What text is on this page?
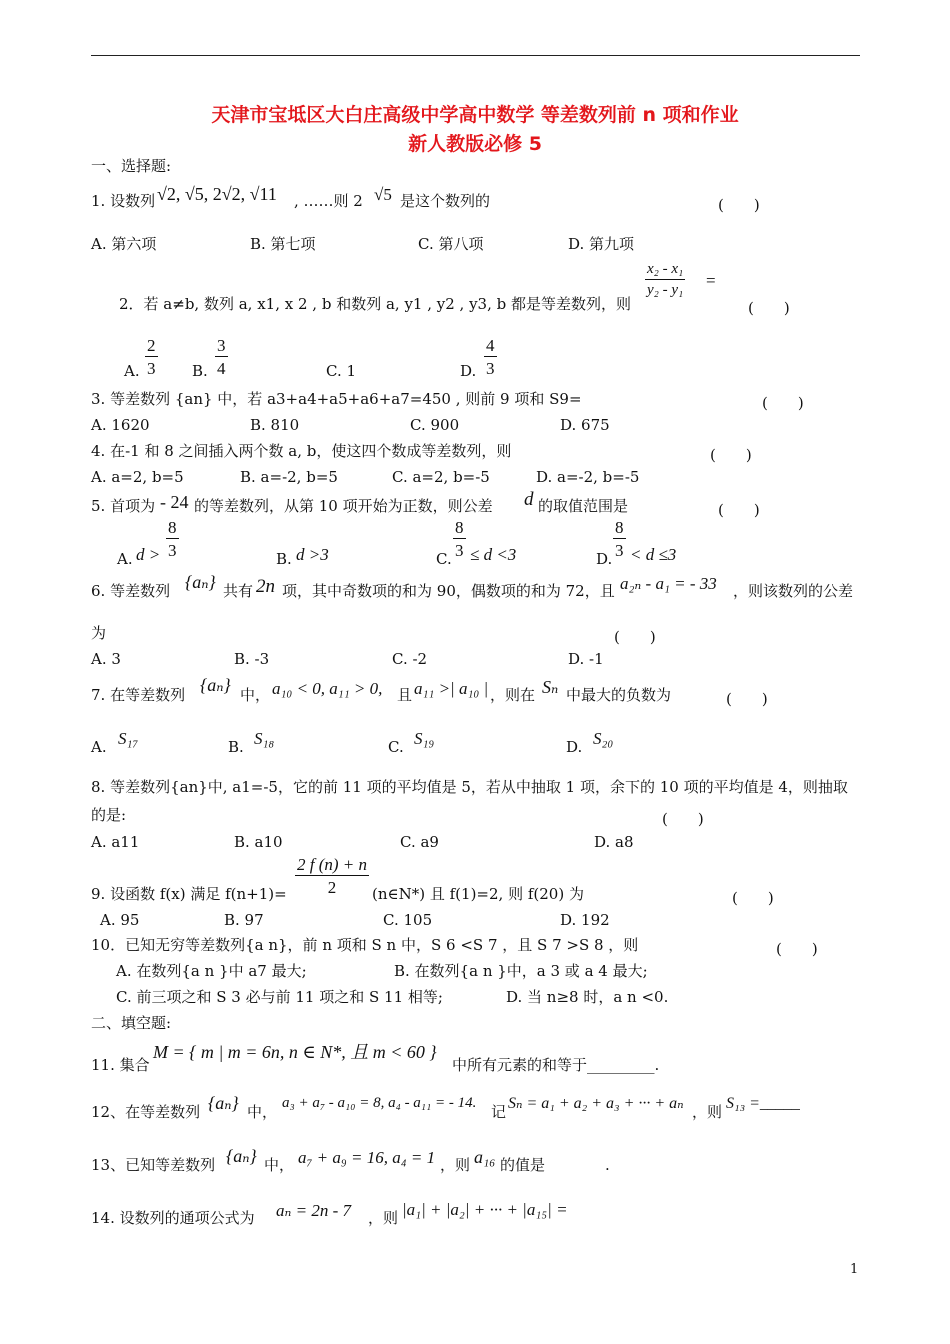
天津市宝坻区大白庄高级中学高中数学 等差数列前 n 项和作业
新人教版必修 5
一、选择题:
1. 设数列 √2, √5, 2√2, √11 , ……则 2 √5 是这个数列的	(　　)
A. 第六项	B. 第七项	C. 第八项	D. 第九项
$\frac{\text{x₂ - x₁}}{\text{y₂ - y₁}}$ =
2．若 a≠b, 数列 a, x1, x 2 , b 和数列 a, y1 , y2 , y3, b 都是等差数列，则	(　　)
A. $\frac{2}{3} B$. $\frac{3}{4}$	C. 1	D. $\frac{4}{3}$
3. 等差数列 {an} 中，若 a3+a4+a5+a6+a7=450 , 则前 9 项和 S9=	(　　)
A. 1620	B. 810	C. 900	D. 675
4. 在-1 和 8 之间插入两个数 a, b，使这四个数成等差数列，则	(　　)
A. a=2, b=5	B. a=-2, b=5	C. a=2, b=-5	D. a=-2, b=-5
5. 首项为 - 24 的等差数列，从第 10 项开始为正数，则公差 d 的取值范围是	(　　)
A. $d > \frac{8}{3}$	B. d >3	C. $\frac{8}{3} \le d <3$	D. $\frac{8}{3} < d \le 3$
6. 等差数列 {aₙ} 共有 2n 项，其中奇数项的和为 90，偶数项的和为 72，且 a₂ₙ - a₁ = - 33 ，则该数列的公差
为	(　　)
A. 3	B. -3	C. -2	D. -1
7. 在等差数列 {aₙ} 中， a₁₀ < 0, a₁₁ > 0, 且 a₁₁ >| a₁₀ | ，则在 Sₙ 中最大的负数为	(　　)
A. S₁₇	B. S₁₈	C. S₁₉	D. S₂₀
8. 等差数列{an}中, a1=-5，它的前 11 项的平均值是 5，若从中抽取 1 项，余下的 10 项的平均值是 4，则抽取
的是:	(　　)
A. a11	B. a10	C. a9	D. a8
9. 设函数 f(x) 满足 $f(n+1)= \frac{2 f (n) + n}{2}$ (n∈N*) 且 f(1)=2, 则 f(20) 为	(　　)
A. 95	B. 97	C. 105	D. 192
10．已知无穷等差数列{a n}，前 n 项和 S n 中，S 6 <S 7 ，且 S 7 >S 8 ，则	(　　)
A. 在数列{a n }中 a7 最大;	B. 在数列{a n }中，a 3 或 a 4 最大;
C. 前三项之和 S 3 必与前 11 项之和 S 11 相等;	D. 当 n≥8 时，a n <0.
二、填空题:
11. 集合
M = { m | m = 6n, n ∈ N*, 且 m < 60 }
中所有元素的和等于_________.
12、在等差数列 {aₙ} 中， a₃ + a₇ - a₁₀ = 8, a₄ - a₁₁ = - 14. 记 Sₙ = a₁ + a₂ + a₃ + ··· + aₙ ，则 S₁₃ =_____
13、已知等差数列 {aₙ} 中， a₇ + a₉ = 16, a₄ = 1 ，则 a₁₆ 的值是　　　　.
14. 设数列的通项公式为 aₙ = 2n - 7 ，则 |a₁| + |a₂| + ··· + |a₁₅| =
1
